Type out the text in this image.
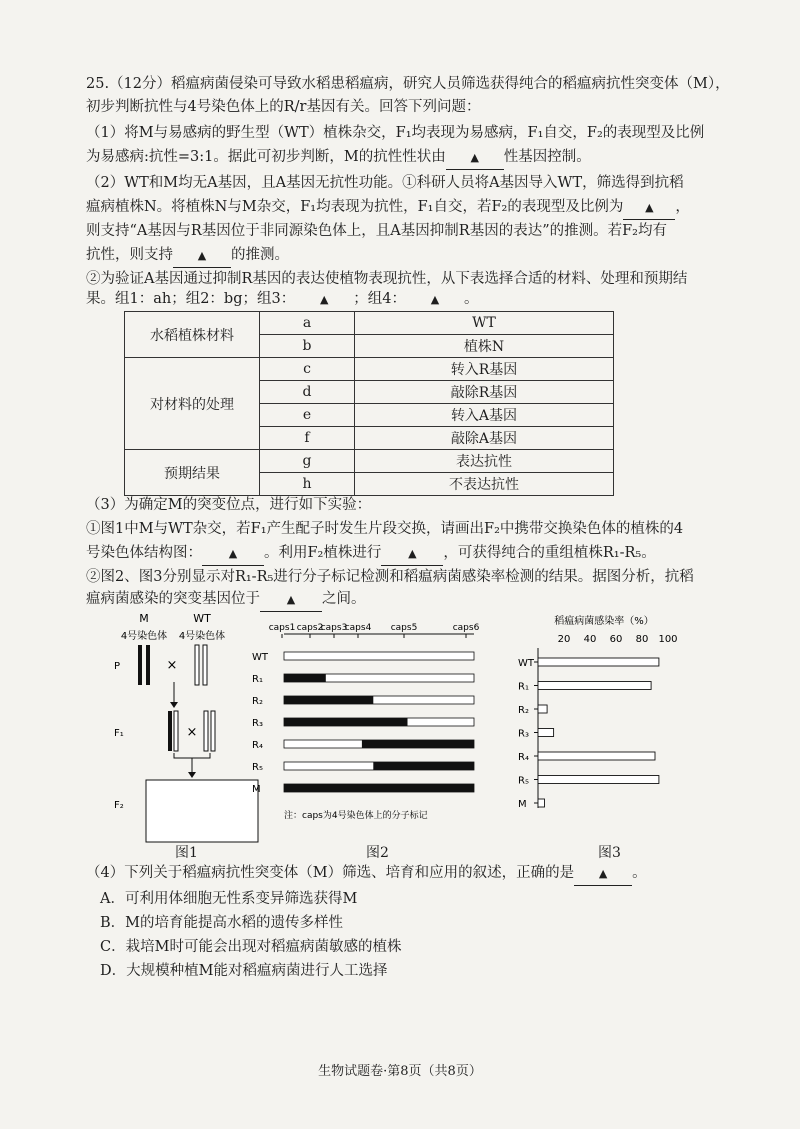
25.（12分）稻瘟病菌侵染可导致水稻患稻瘟病，研究人员筛选获得纯合的稻瘟病抗性突变体（M），
初步判断抗性与4号染色体上的R/r基因有关。回答下列问题：
（1）将M与易感病的野生型（WT）植株杂交，F₁均表现为易感病，F₁自交，F₂的表现型及比例
为易感病:抗性=3:1。据此可初步判断，M的抗性性状由 ▲ 性基因控制。
（2）WT和M均无A基因，且A基因无抗性功能。①科研人员将A基因导入WT，筛选得到抗稻
瘟病植株N。将植株N与M杂交，F₁均表现为抗性，F₁自交，若F₂的表现型及比例为 ▲ ，
则支持“A基因与R基因位于非同源染色体上，且A基因抑制R基因的表达”的推测。若F₂均有
抗性，则支持 ▲ 的推测。
②为验证A基因通过抑制R基因的表达使植物表现抗性，从下表选择合适的材料、处理和预期结
果。组1：ah；组2：bg；组3： ▲ ；组4： ▲ 。
水稻植株材料	a	WT
	b	植株N
对材料的处理	c	转入R基因
	d	敲除R基因
	e	转入A基因
	f	敲除A基因
预期结果	g	表达抗性
	h	不表达抗性
（3）为确定M的突变位点，进行如下实验：
①图1中M与WT杂交，若F₁产生配子时发生片段交换，请画出F₂中携带交换染色体的植株的4
号染色体结构图： ▲ 。利用F₂植株进行 ▲ ，可获得纯合的重组植株R₁-R₅。
②图2、图3分别显示对R₁-R₅进行分子标记检测和稻瘟病菌感染率检测的结果。据图分析，抗稻
瘟病菌感染的突变基因位于 ▲ 之间。
M	WT
4号染色体 4号染色体
P	×
F₁	×
F₂
图1
caps1 caps2
caps3
caps4 caps5	caps6
WT
R₁
R₂
R₃
R₄
R₅
M
注：caps为4号染色体上的分子标记
图2
稻瘟病菌感染率（%）
20 40 60 80 100
WT
R₁
R₂
R₃
R₄
R₅
M
图3
（4）下列关于稻瘟病抗性突变体（M）筛选、培育和应用的叙述，正确的是 ▲ 。
A．可利用体细胞无性系变异筛选获得M
B．M的培育能提高水稻的遗传多样性
C．栽培M时可能会出现对稻瘟病菌敏感的植株
D．大规模种植M能对稻瘟病菌进行人工选择
生物试题卷·第8页（共8页）
